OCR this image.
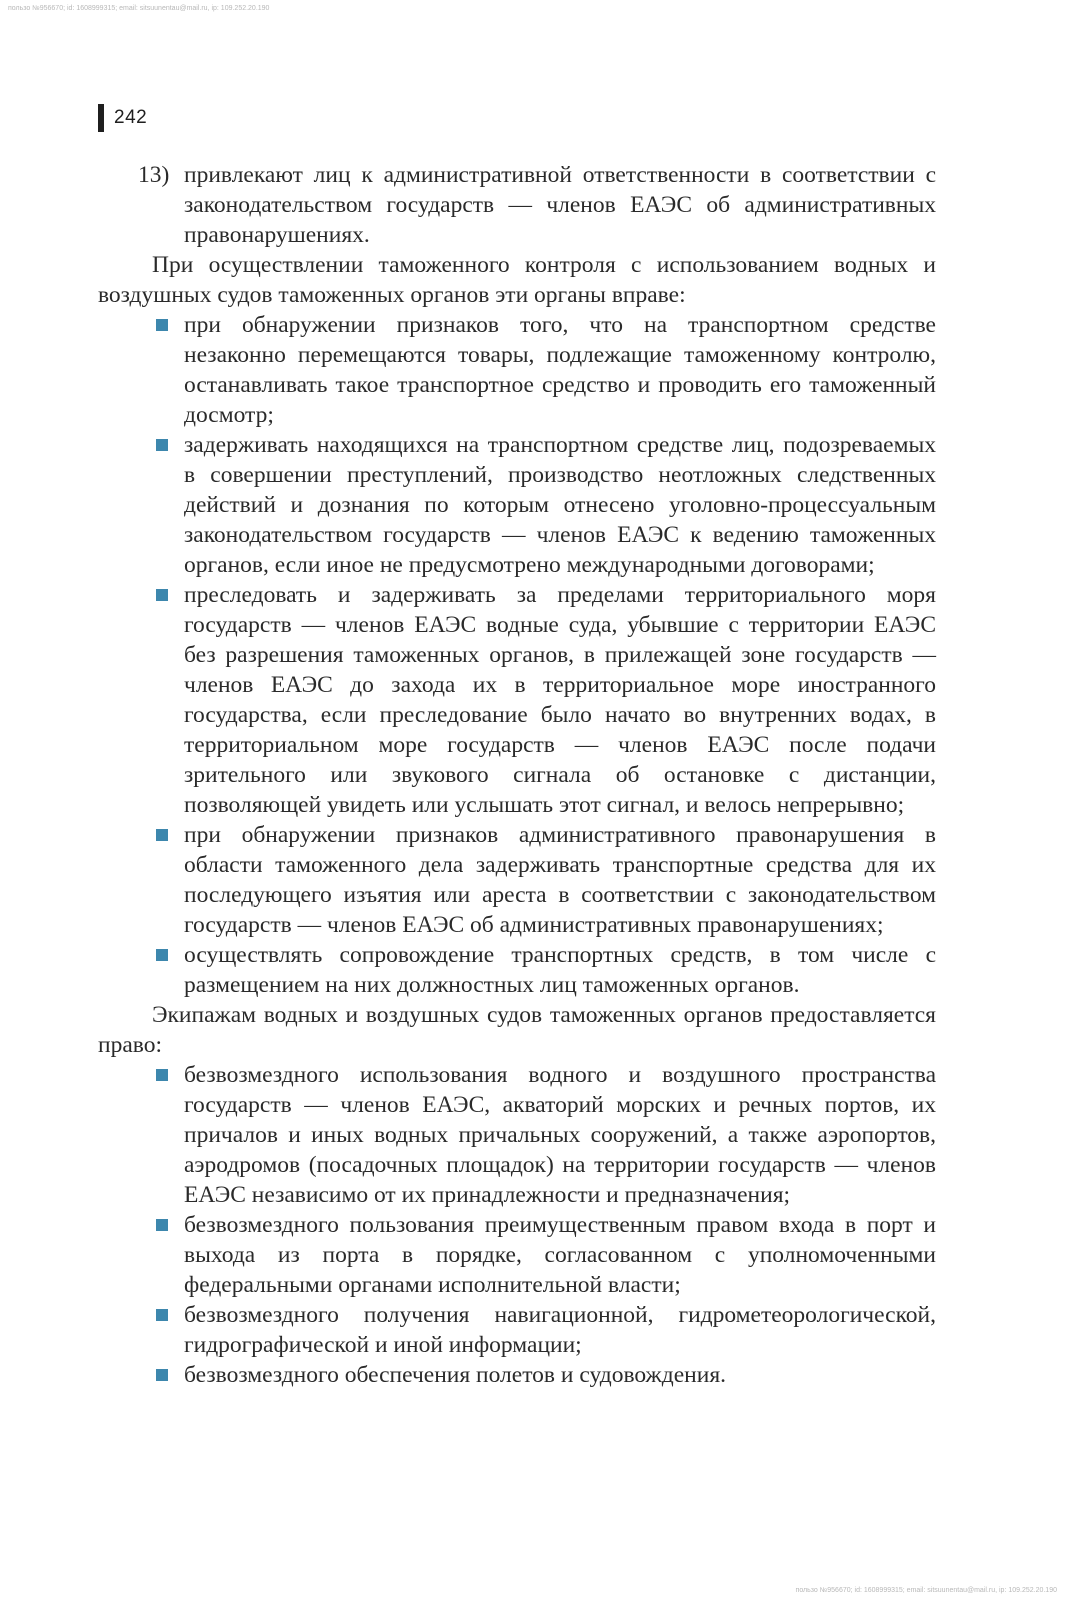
пользо №956670; id: 1608999315; email: sitsuunentau@mail.ru, ip: 109.252.20.190
242
13) привлекают лиц к административной ответственности в соответствии с законодательством государств — членов ЕАЭС об административных правонарушениях.

При осуществлении таможенного контроля с использованием водных и воздушных судов таможенных органов эти органы вправе:

при обнаружении признаков того, что на транспортном средстве незаконно перемещаются товары, подлежащие таможенному контролю, останавливать такое транспортное средство и проводить его таможенный досмотр;
задерживать находящихся на транспортном средстве лиц, подозреваемых в совершении преступлений, производство неотложных следственных действий и дознания по которым отнесено уголовно-процессуальным законодательством государств — членов ЕАЭС к ведению таможенных органов, если иное не предусмотрено международными договорами;
преследовать и задерживать за пределами территориального моря государств — членов ЕАЭС водные суда, убывшие с территории ЕАЭС без разрешения таможенных органов, в прилежащей зоне государств — членов ЕАЭС до захода их в территориальное море иностранного государства, если преследование было начато во внутренних водах, в территориальном море государств — членов ЕАЭС после подачи зрительного или звукового сигнала об остановке с дистанции, позволяющей увидеть или услышать этот сигнал, и велось непрерывно;
при обнаружении признаков административного правонарушения в области таможенного дела задерживать транспортные средства для их последующего изъятия или ареста в соответствии с законодательством государств — членов ЕАЭС об административных правонарушениях;
осуществлять сопровождение транспортных средств, в том числе с размещением на них должностных лиц таможенных органов.

Экипажам водных и воздушных судов таможенных органов предоставляется право:

безвозмездного использования водного и воздушного пространства государств — членов ЕАЭС, акваторий морских и речных портов, их причалов и иных водных причальных сооружений, а также аэропортов, аэродромов (посадочных площадок) на территории государств — членов ЕАЭС независимо от их принадлежности и предназначения;
безвозмездного пользования преимущественным правом входа в порт и выхода из порта в порядке, согласованном с уполномоченными федеральными органами исполнительной власти;
безвозмездного получения навигационной, гидрометеорологической, гидрографической и иной информации;
безвозмездного обеспечения полетов и судовождения.
пользо №956670; id: 1608999315; email: sitsuunentau@mail.ru, ip: 109.252.20.190
